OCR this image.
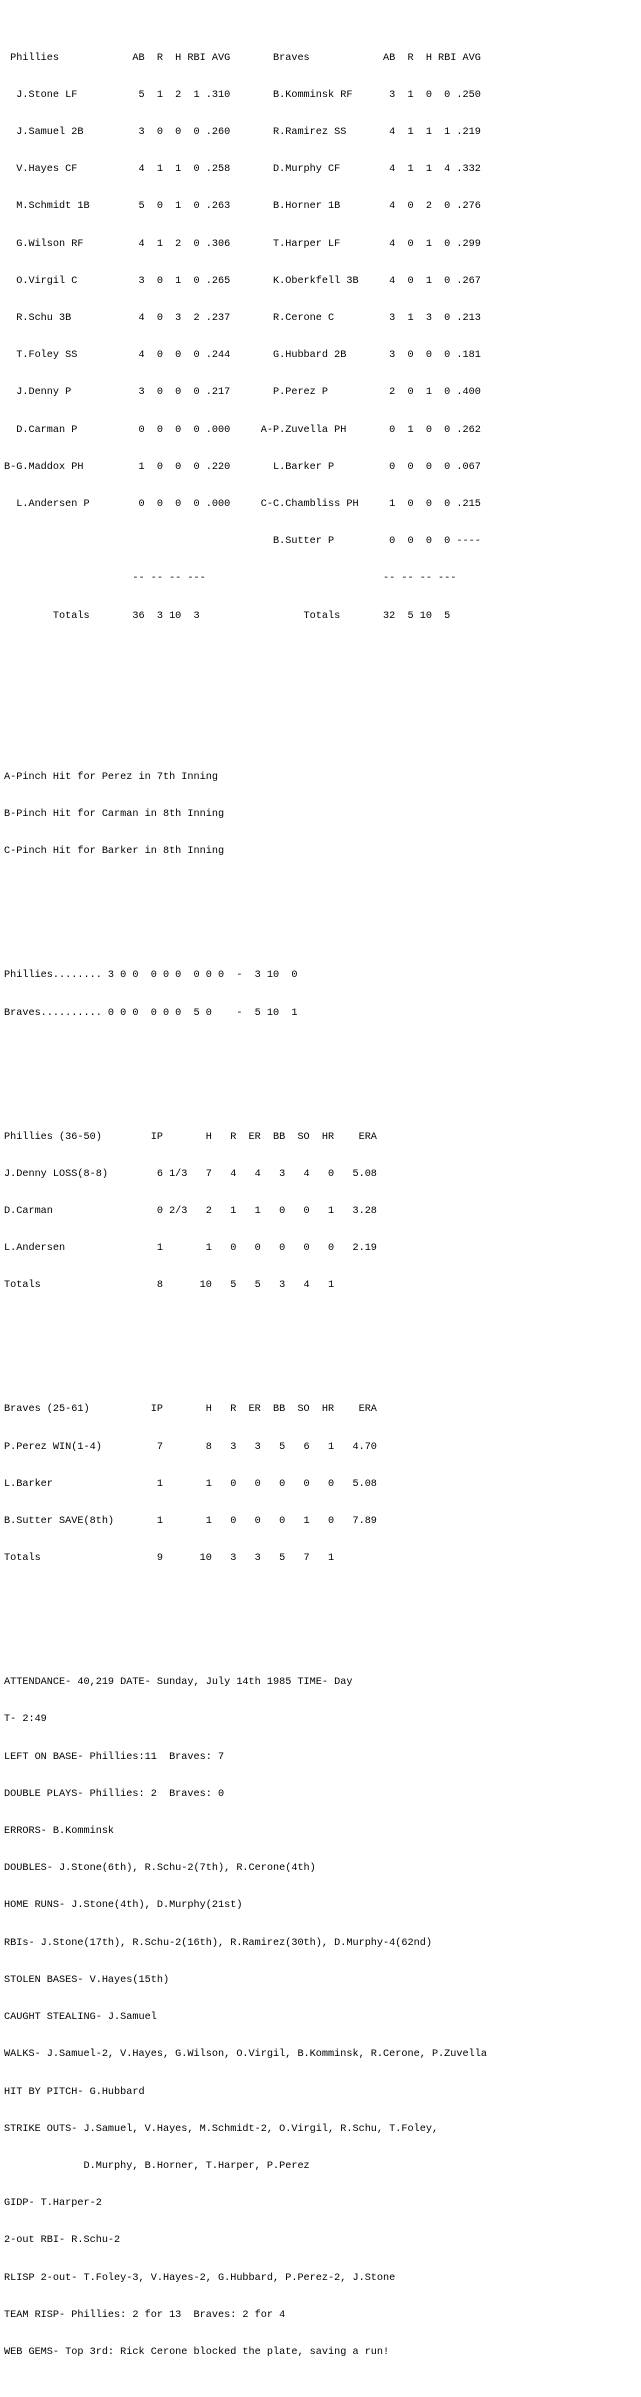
Phillies            AB  R  H RBI AVG       Braves            AB  R  H RBI AVG

J.Stone LF          5  1  2  1 .310       B.Komminsk RF      3  1  0  0 .250

J.Samuel 2B         3  0  0  0 .260       R.Ramirez SS       4  1  1  1 .219

V.Hayes CF          4  1  1  0 .258       D.Murphy CF        4  1  1  4 .332

M.Schmidt 1B        5  0  1  0 .263       B.Horner 1B        4  0  2  0 .276

G.Wilson RF         4  1  2  0 .306       T.Harper LF        4  0  1  0 .299

O.Virgil C          3  0  1  0 .265       K.Oberkfell 3B     4  0  1  0 .267

R.Schu 3B           4  0  3  2 .237       R.Cerone C         3  1  3  0 .213

T.Foley SS          4  0  0  0 .244       G.Hubbard 2B       3  0  0  0 .181

J.Denny P           3  0  0  0 .217       P.Perez P          2  0  1  0 .400

D.Carman P          0  0  0  0 .000     A-P.Zuvella PH       0  1  0  0 .262

B-G.Maddox PH         1  0  0  0 .220       L.Barker P         0  0  0  0 .067

L.Andersen P        0  0  0  0 .000     C-C.Chambliss PH     1  0  0  0 .215

B.Sutter P         0  0  0  0 ----

-- -- -- ---                             -- -- -- ---

Totals       36  3 10  3                 Totals       32  5 10  5

A-Pinch Hit for Perez in 7th Inning

B-Pinch Hit for Carman in 8th Inning

C-Pinch Hit for Barker in 8th Inning

Phillies........ 3 0 0  0 0 0  0 0 0  -  3 10  0

Braves.......... 0 0 0  0 0 0  5 0    -  5 10  1

Phillies (36-50)        IP       H   R  ER  BB  SO  HR    ERA

J.Denny LOSS(8-8)        6 1/3   7   4   4   3   4   0   5.08

D.Carman                 0 2/3   2   1   1   0   0   1   3.28

L.Andersen               1       1   0   0   0   0   0   2.19

Totals                   8      10   5   5   3   4   1

Braves (25-61)          IP       H   R  ER  BB  SO  HR    ERA

P.Perez WIN(1-4)         7       8   3   3   5   6   1   4.70

L.Barker                 1       1   0   0   0   0   0   5.08

B.Sutter SAVE(8th)       1       1   0   0   0   1   0   7.89

Totals                   9      10   3   3   5   7   1

ATTENDANCE- 40,219 DATE- Sunday, July 14th 1985 TIME- Day

T- 2:49

LEFT ON BASE- Phillies:11  Braves: 7

DOUBLE PLAYS- Phillies: 2  Braves: 0

ERRORS- B.Komminsk

DOUBLES- J.Stone(6th), R.Schu-2(7th), R.Cerone(4th)

HOME RUNS- J.Stone(4th), D.Murphy(21st)

RBIs- J.Stone(17th), R.Schu-2(16th), R.Ramirez(30th), D.Murphy-4(62nd)

STOLEN BASES- V.Hayes(15th)

CAUGHT STEALING- J.Samuel

WALKS- J.Samuel-2, V.Hayes, G.Wilson, O.Virgil, B.Komminsk, R.Cerone, P.Zuvella

HIT BY PITCH- G.Hubbard

STRIKE OUTS- J.Samuel, V.Hayes, M.Schmidt-2, O.Virgil, R.Schu, T.Foley,

D.Murphy, B.Horner, T.Harper, P.Perez

GIDP- T.Harper-2

2-out RBI- R.Schu-2

RLISP 2-out- T.Foley-3, V.Hayes-2, G.Hubbard, P.Perez-2, J.Stone

TEAM RISP- Phillies: 2 for 13  Braves: 2 for 4

WEB GEMS- Top 3rd: Rick Cerone blocked the plate, saving a run!
